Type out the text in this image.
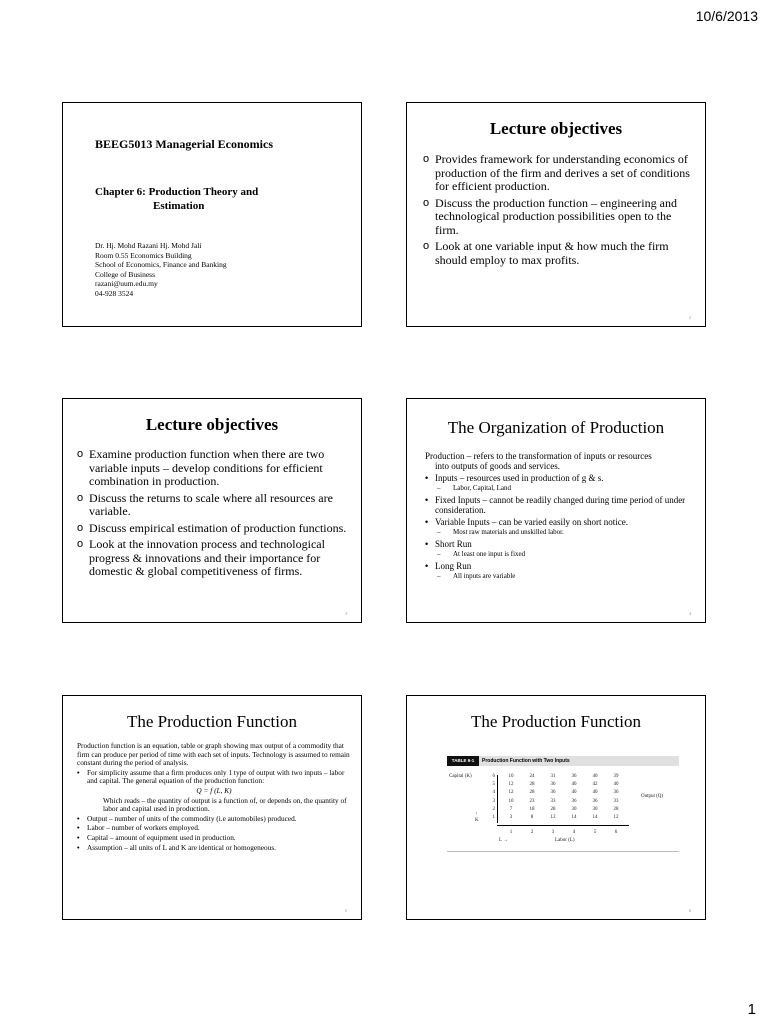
10/6/2013
BEEG5013 Managerial Economics
Chapter 6: Production Theory and
Estimation
Dr. Hj. Mohd Razani Hj. Mohd Jali
Room 0.55 Economics Building
School of Economics, Finance and Banking
College of Business
razani@uum.edu.my
04-928 3524
Lecture objectives
o Provides framework for understanding economics of production of the firm and derives a set of conditions for efficient production.
o Discuss the production function – engineering and technological production possibilities open to the firm.
o Look at one variable input & how much the firm should employ to max profits.
2
Lecture objectives
o Examine production function when there are two variable inputs – develop conditions for efficient combination in production.
o Discuss the returns to scale where all resources are variable.
o Discuss empirical estimation of production functions.
o Look at the innovation process and technological progress & innovations and their importance for domestic & global competitiveness of firms.
3
The Organization of Production
Production – refers to the transformation of inputs or resources
into outputs of goods and services.
• Inputs – resources used in production of g & s.
– Labor, Capital, Land
• Fixed Inputs – cannot be readily changed during time period of under consideration.
• Variable Inputs – can be varied easily on short notice.
– Most raw materials and unskilled labor.
• Short Run
– At least one input is fixed
• Long Run
– All inputs are variable
4
The Production Function
Production function is an equation, table or graph showing max output of a commodity that firm can produce per period of time with each set of inputs. Technology is assumed to remain constant during the period of analysis.
• For simplicity assume that a firm produces only 1 type of output with two inputs – labor and capital. The general equation of the production function:
Q = f (L, K)
Which reads – the quantity of output is a function of, or depends on, the quantity of labor and capital used in production.
• Output – number of units of the commodity (i.e automobiles) produced.
• Labor – number of workers employed.
• Capital – amount of equipment used in production.
• Assumption – all units of L and K are identical or homogeneous.
5
The Production Function
TABLE 6-1	Production Function with Two Inputs
Capital (K)
Output (Q)
Labor (L)
L →
↑
K
6	10	24	31	36	40	39
5	12	28	36	40	42	40
4	12	28	36	40	40	36
3	10	23	33	36	36	33
2	7	18	28	30	30	28
1	3	8	12	14	14	12
1	2	3	4	5	6
6
1
